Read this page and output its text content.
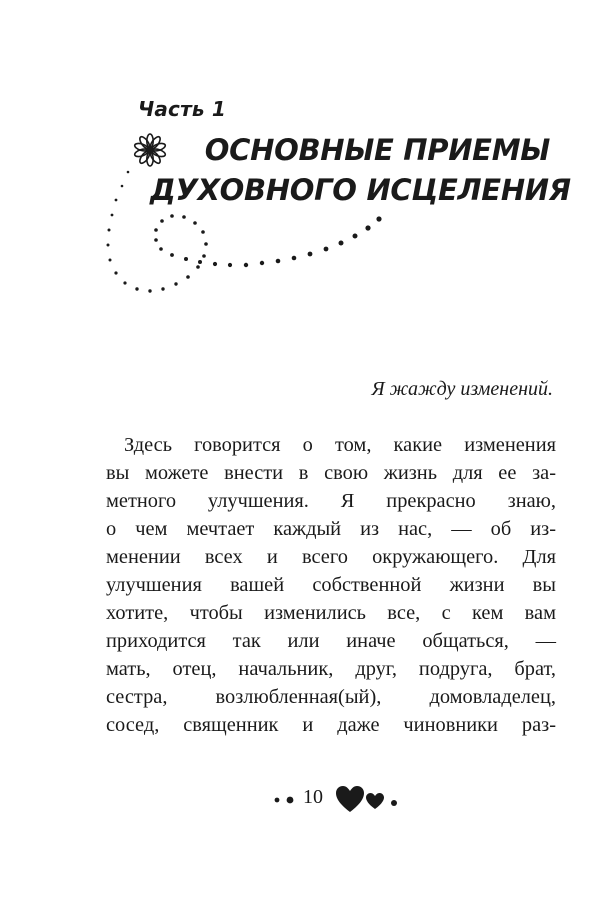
Часть 1
ОСНОВНЫЕ ПРИЕМЫ
ДУХОВНОГО ИСЦЕЛЕНИЯ
Я жажду изменений.
Здесь говорится о том, какие изменения
вы можете внести в свою жизнь для ее за-
метного улучшения. Я прекрасно знаю,
о чем мечтает каждый из нас, — об из-
менении всех и всего окружающего. Для
улучшения вашей собственной жизни вы
хотите, чтобы изменились все, с кем вам
приходится так или иначе общаться, —
мать, отец, начальник, друг, подруга, брат,
сестра, возлюбленная(ый), домовладелец,
сосед, священник и даже чиновники раз-
10
